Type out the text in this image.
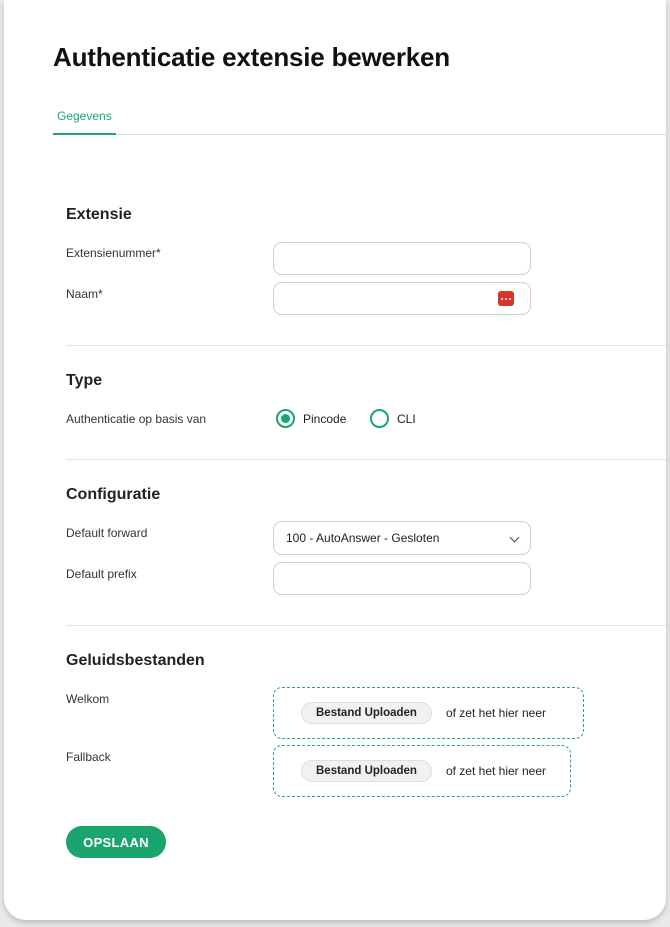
Authenticatie extensie bewerken
Gegevens
Extensie
Extensienummer*
Naam*
Type
Authenticatie op basis van	Pincode	CLI
Configuratie
Default forward	100 - AutoAnswer - Gesloten
Default prefix
Geluidsbestanden
Welkom
Bestand Uploaden	of zet het hier neer
Fallback
Bestand Uploaden	of zet het hier neer
OPSLAAN
